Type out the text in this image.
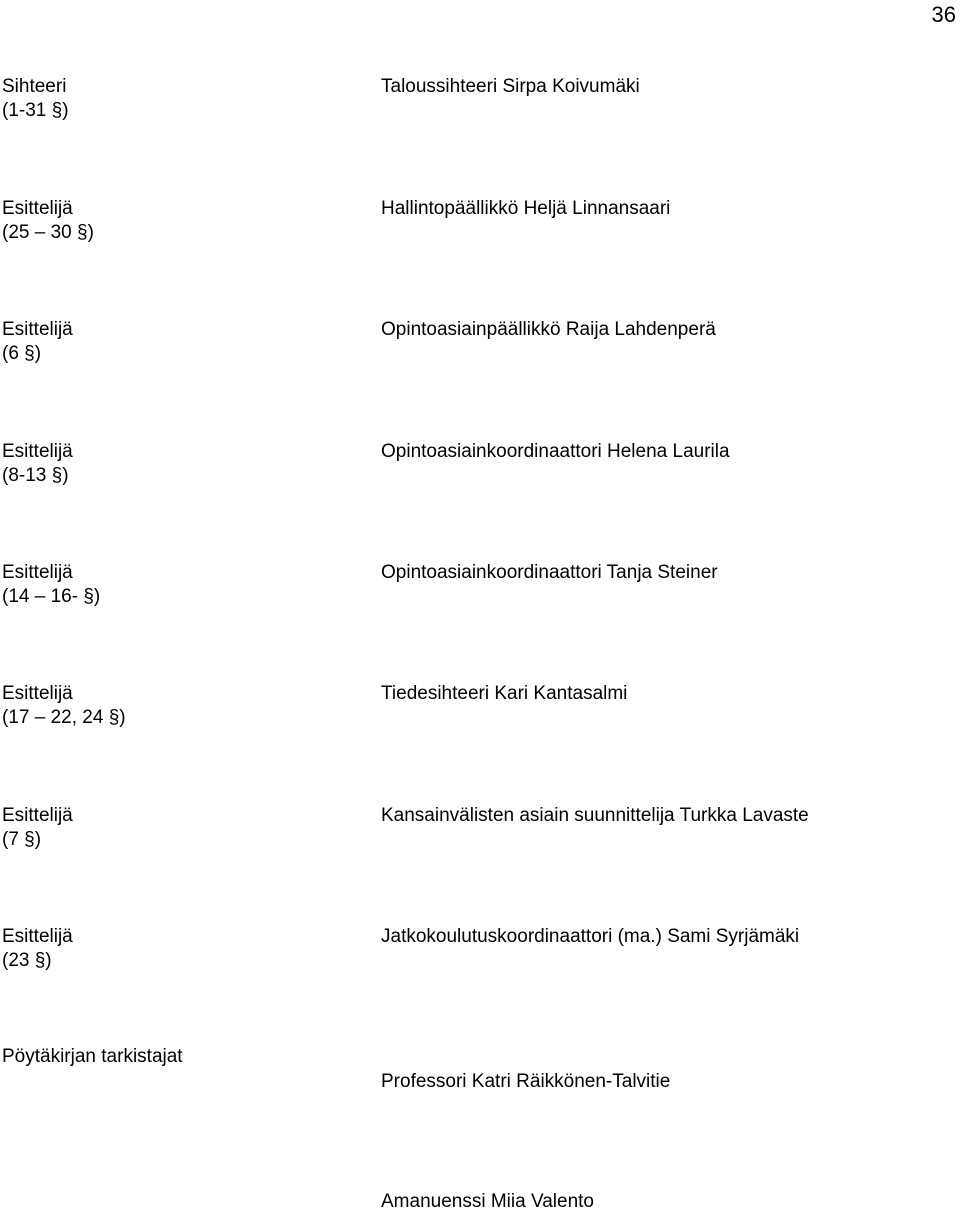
36
Sihteeri
(1-31 §)
Taloussihteeri Sirpa Koivumäki
Esittelijä
(25 – 30 §)
Hallintopäällikkö Heljä Linnansaari
Esittelijä
(6 §)
Opintoasiainpäällikkö Raija Lahdenperä
Esittelijä
(8-13 §)
Opintoasiainkoordinaattori Helena Laurila
Esittelijä
(14 – 16- §)
Opintoasiainkoordinaattori Tanja Steiner
Esittelijä
(17 – 22, 24 §)
Tiedesihteeri Kari Kantasalmi
Esittelijä
(7 §)
Kansainvälisten asiain suunnittelija Turkka Lavaste
Esittelijä
(23 §)
Jatkokoulutuskoordinaattori (ma.) Sami Syrjämäki
Pöytäkirjan tarkistajat
Professori Katri Räikkönen-Talvitie
Amanuenssi Miia Valento
